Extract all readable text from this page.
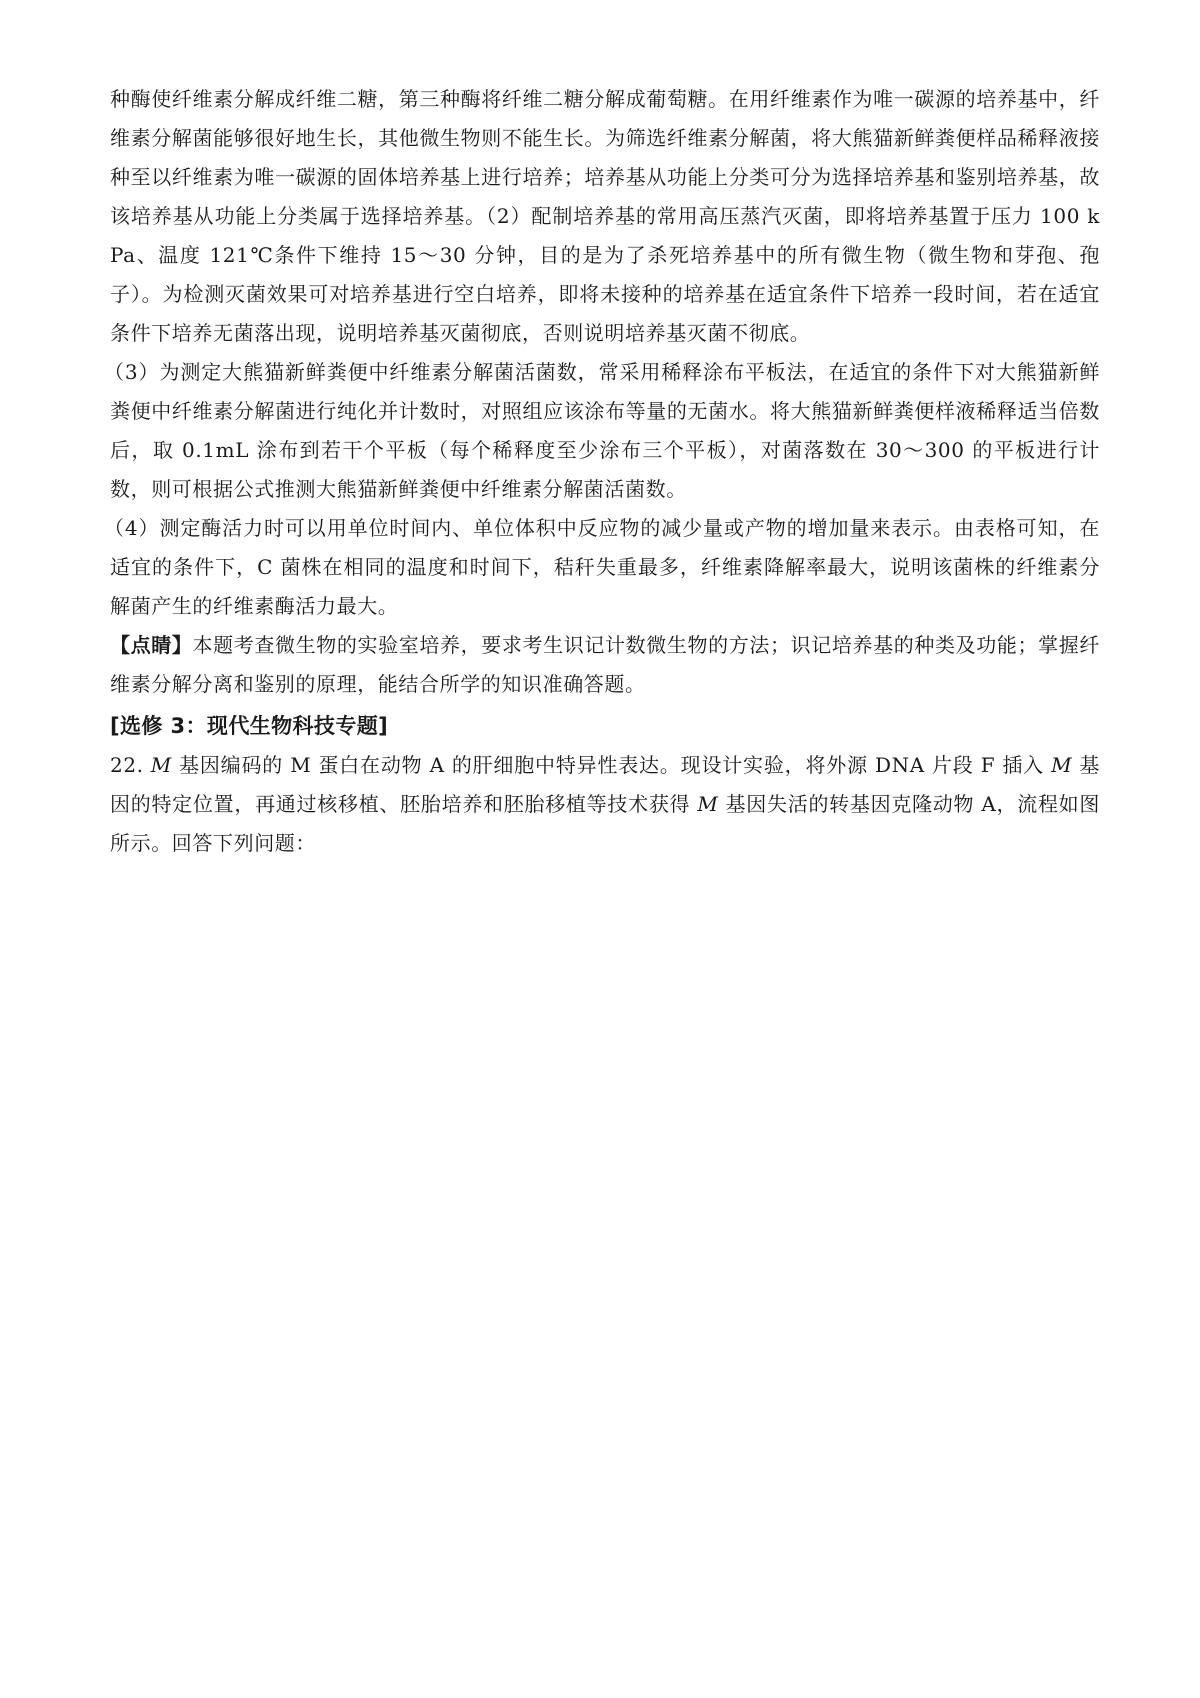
种酶使纤维素分解成纤维二糖，第三种酶将纤维二糖分解成葡萄糖。在用纤维素作为唯一碳源的培养基中，纤维素分解菌能够很好地生长，其他微生物则不能生长。为筛选纤维素分解菌，将大熊猫新鲜粪便样品稀释液接种至以纤维素为唯一碳源的固体培养基上进行培养；培养基从功能上分类可分为选择培养基和鉴别培养基，故该培养基从功能上分类属于选择培养基。（2）配制培养基的常用高压蒸汽灭菌，即将培养基置于压力 100 kPa、温度 121℃条件下维持 15～30 分钟，目的是为了杀死培养基中的所有微生物（微生物和芽孢、孢子）。为检测灭菌效果可对培养基进行空白培养，即将未接种的培养基在适宜条件下培养一段时间，若在适宜条件下培养无菌落出现，说明培养基灭菌彻底，否则说明培养基灭菌不彻底。

（3）为测定大熊猫新鲜粪便中纤维素分解菌活菌数，常采用稀释涂布平板法，在适宜的条件下对大熊猫新鲜粪便中纤维素分解菌进行纯化并计数时，对照组应该涂布等量的无菌水。将大熊猫新鲜粪便样液稀释适当倍数后，取 0.1mL 涂布到若干个平板（每个稀释度至少涂布三个平板），对菌落数在 30～300 的平板进行计数，则可根据公式推测大熊猫新鲜粪便中纤维素分解菌活菌数。

（4）测定酶活力时可以用单位时间内、单位体积中反应物的减少量或产物的增加量来表示。由表格可知，在适宜的条件下，C 菌株在相同的温度和时间下，秸秆失重最多，纤维素降解率最大，说明该菌株的纤维素分解菌产生的纤维素酶活力最大。

【点睛】本题考查微生物的实验室培养，要求考生识记计数微生物的方法；识记培养基的种类及功能；掌握纤维素分解分离和鉴别的原理，能结合所学的知识准确答题。

[选修 3：现代生物科技专题]

22. M 基因编码的 M 蛋白在动物 A 的肝细胞中特异性表达。现设计实验，将外源 DNA 片段 F 插入 M 基因的特定位置，再通过核移植、胚胎培养和胚胎移植等技术获得 M 基因失活的转基因克隆动物 A，流程如图所示。回答下列问题：
